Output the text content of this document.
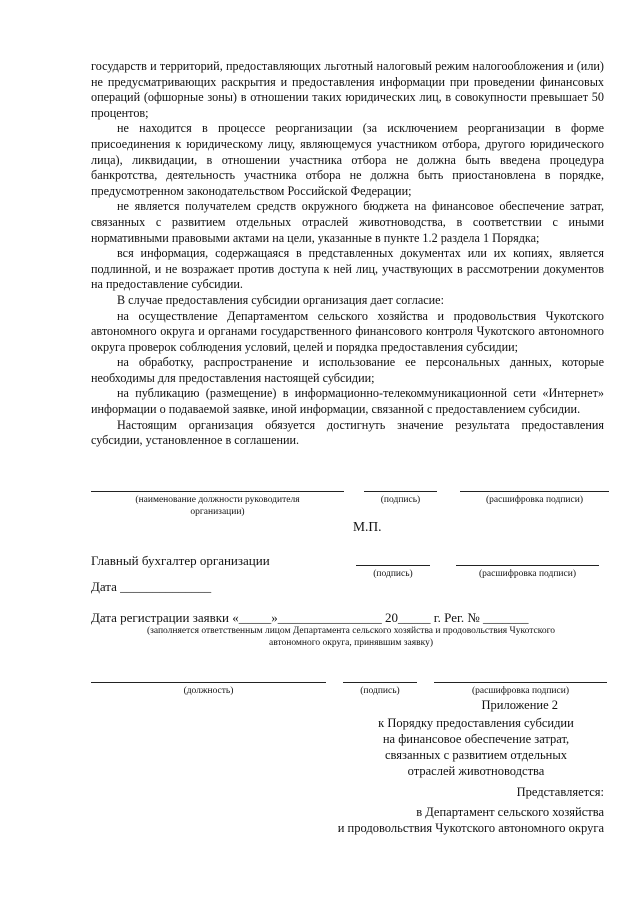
государств и территорий, предоставляющих льготный налоговый режим налогообложения и (или) не предусматривающих раскрытия и предоставления информации при проведении финансовых операций (офшорные зоны) в отношении таких юридических лиц, в совокупности превышает 50 процентов;

не находится в процессе реорганизации (за исключением реорганизации в форме присоединения к юридическому лицу, являющемуся участником отбора, другого юридического лица), ликвидации, в отношении участника отбора не должна быть введена процедура банкротства, деятельность участника отбора не должна быть приостановлена в порядке, предусмотренном законодательством Российской Федерации;

не является получателем средств окружного бюджета на финансовое обеспечение затрат, связанных с развитием отдельных отраслей животноводства, в соответствии с иными нормативными правовыми актами на цели, указанные в пункте 1.2 раздела 1 Порядка;

вся информация, содержащаяся в представленных документах или их копиях, является подлинной, и не возражает против доступа к ней лиц, участвующих в рассмотрении документов на предоставление субсидии.

В случае предоставления субсидии организация дает согласие:

на осуществление Департаментом сельского хозяйства и продовольствия Чукотского автономного округа и органами государственного финансового контроля Чукотского автономного округа проверок соблюдения условий, целей и порядка предоставления субсидии;

на обработку, распространение и использование ее персональных данных, которые необходимы для предоставления настоящей субсидии;

на публикацию (размещение) в информационно-телекоммуникационной сети «Интернет» информации о подаваемой заявке, иной информации, связанной с предоставлением субсидии.

Настоящим организация обязуется достигнуть значение результата предоставления субсидии, установленное в соглашении.

(наименование должности руководителя
организации)
(подпись)	(расшифровка подписи)
М.П.
Главный бухгалтер организации
(подпись)	(расшифровка подписи)
Дата ______________
Дата регистрации заявки «_____»________________ 20_____ г. Рег. № _______
(заполняется ответственным лицом Департамента сельского хозяйства и продовольствия Чукотского
автономного округа, принявшим заявку)
(должность)	(подпись)	(расшифровка подписи)
Приложение 2
к Порядку предоставления субсидии
на финансовое обеспечение затрат,
связанных с развитием отдельных
отраслей животноводства
Представляется:
в Департамент сельского хозяйства
и продовольствия Чукотского автономного округа
